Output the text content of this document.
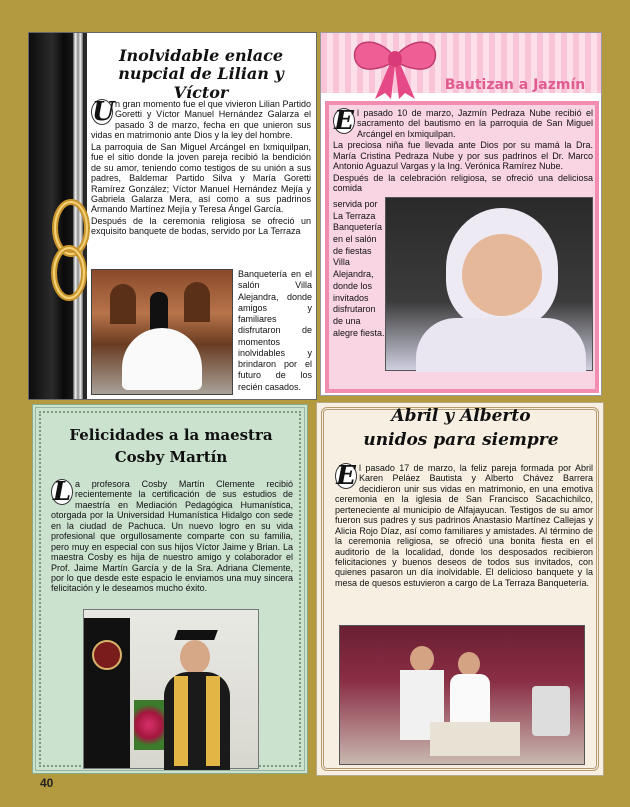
Inolvidable enlace nupcial de Lilian y Víctor
U n gran momento fue el que vivieron Lilian Partido Goretti y Víctor Manuel Hernández Galarza el pasado 3 de marzo, fecha en que unieron sus vidas en matrimonio ante Dios y la ley del hombre.

La parroquia de San Miguel Arcángel en Ixmiquilpan, fue el sitio donde la joven pareja recibió la bendición de su amor, teniendo como testigos de su unión a sus padres, Baldemar Partido Silva y María Goretti Ramírez González; Víctor Manuel Hernández Mejía y Gabriela Galarza Mera, así como a sus padrinos Armando Martínez Mejía y Teresa Ángel García.

Después de la ceremonia religiosa se ofreció un exquisito banquete de bodas, servido por La Terraza

Banquetería en el salón Villa Alejandra, donde amigos y familiares disfrutaron de momentos inolvidables y brindaron por el futuro de los recién casados.
Bautizan a Jazmín
E l pasado 10 de marzo, Jazmín Pedraza Nube recibió el sacramento del bautismo en la parroquia de San Miguel Arcángel en Ixmiquilpan.

La preciosa niña fue llevada ante Dios por su mamá la Dra. María Cristina Pedraza Nube y por sus padrinos el Dr. Marco Antonio Aguazul Vargas y la Ing. Verónica Ramírez Nube.

Después de la celebración religiosa, se ofreció una deliciosa comida

servida por La Terraza Banquetería en el salón de fiestas Villa Alejandra, donde los invitados disfrutaron de una alegre fiesta.
Felicidades a la maestra
Cosby Martín
L a profesora Cosby Martín Clemente recibió recientemente la certificación de sus estudios de maestría en Mediación Pedagógica Humanística, otorgada por la Universidad Humanística Hidalgo con sede en la ciudad de Pachuca. Un nuevo logro en su vida profesional que orgullosamente comparte con su familia, pero muy en especial con sus hijos Víctor Jaime y Brian. La maestra Cosby es hija de nuestro amigo y colaborador el Prof. Jaime Martín García y de la Sra. Adriana Clemente, por lo que desde este espacio le enviamos una muy sincera felicitación y le deseamos mucho éxito.

Abril y Alberto
unidos para siempre
E l pasado 17 de marzo, la feliz pareja formada por Abril Karen Peláez Bautista y Alberto Chávez Barrera decidieron unir sus vidas en matrimonio, en una emotiva ceremonia en la iglesia de San Francisco Sacachichilco, perteneciente al municipio de Alfajayucan. Testigos de su amor fueron sus padres y sus padrinos Anastasio Martínez Callejas y Alicia Rojo Díaz, así como familiares y amistades. Al término de la ceremonia religiosa, se ofreció una bonita fiesta en el auditorio de la localidad, donde los desposados recibieron felicitaciones y buenos deseos de todos sus invitados, con quienes pasaron un día inolvidable. El delicioso banquete y la mesa de quesos estuvieron a cargo de La Terraza Banquetería.

40
